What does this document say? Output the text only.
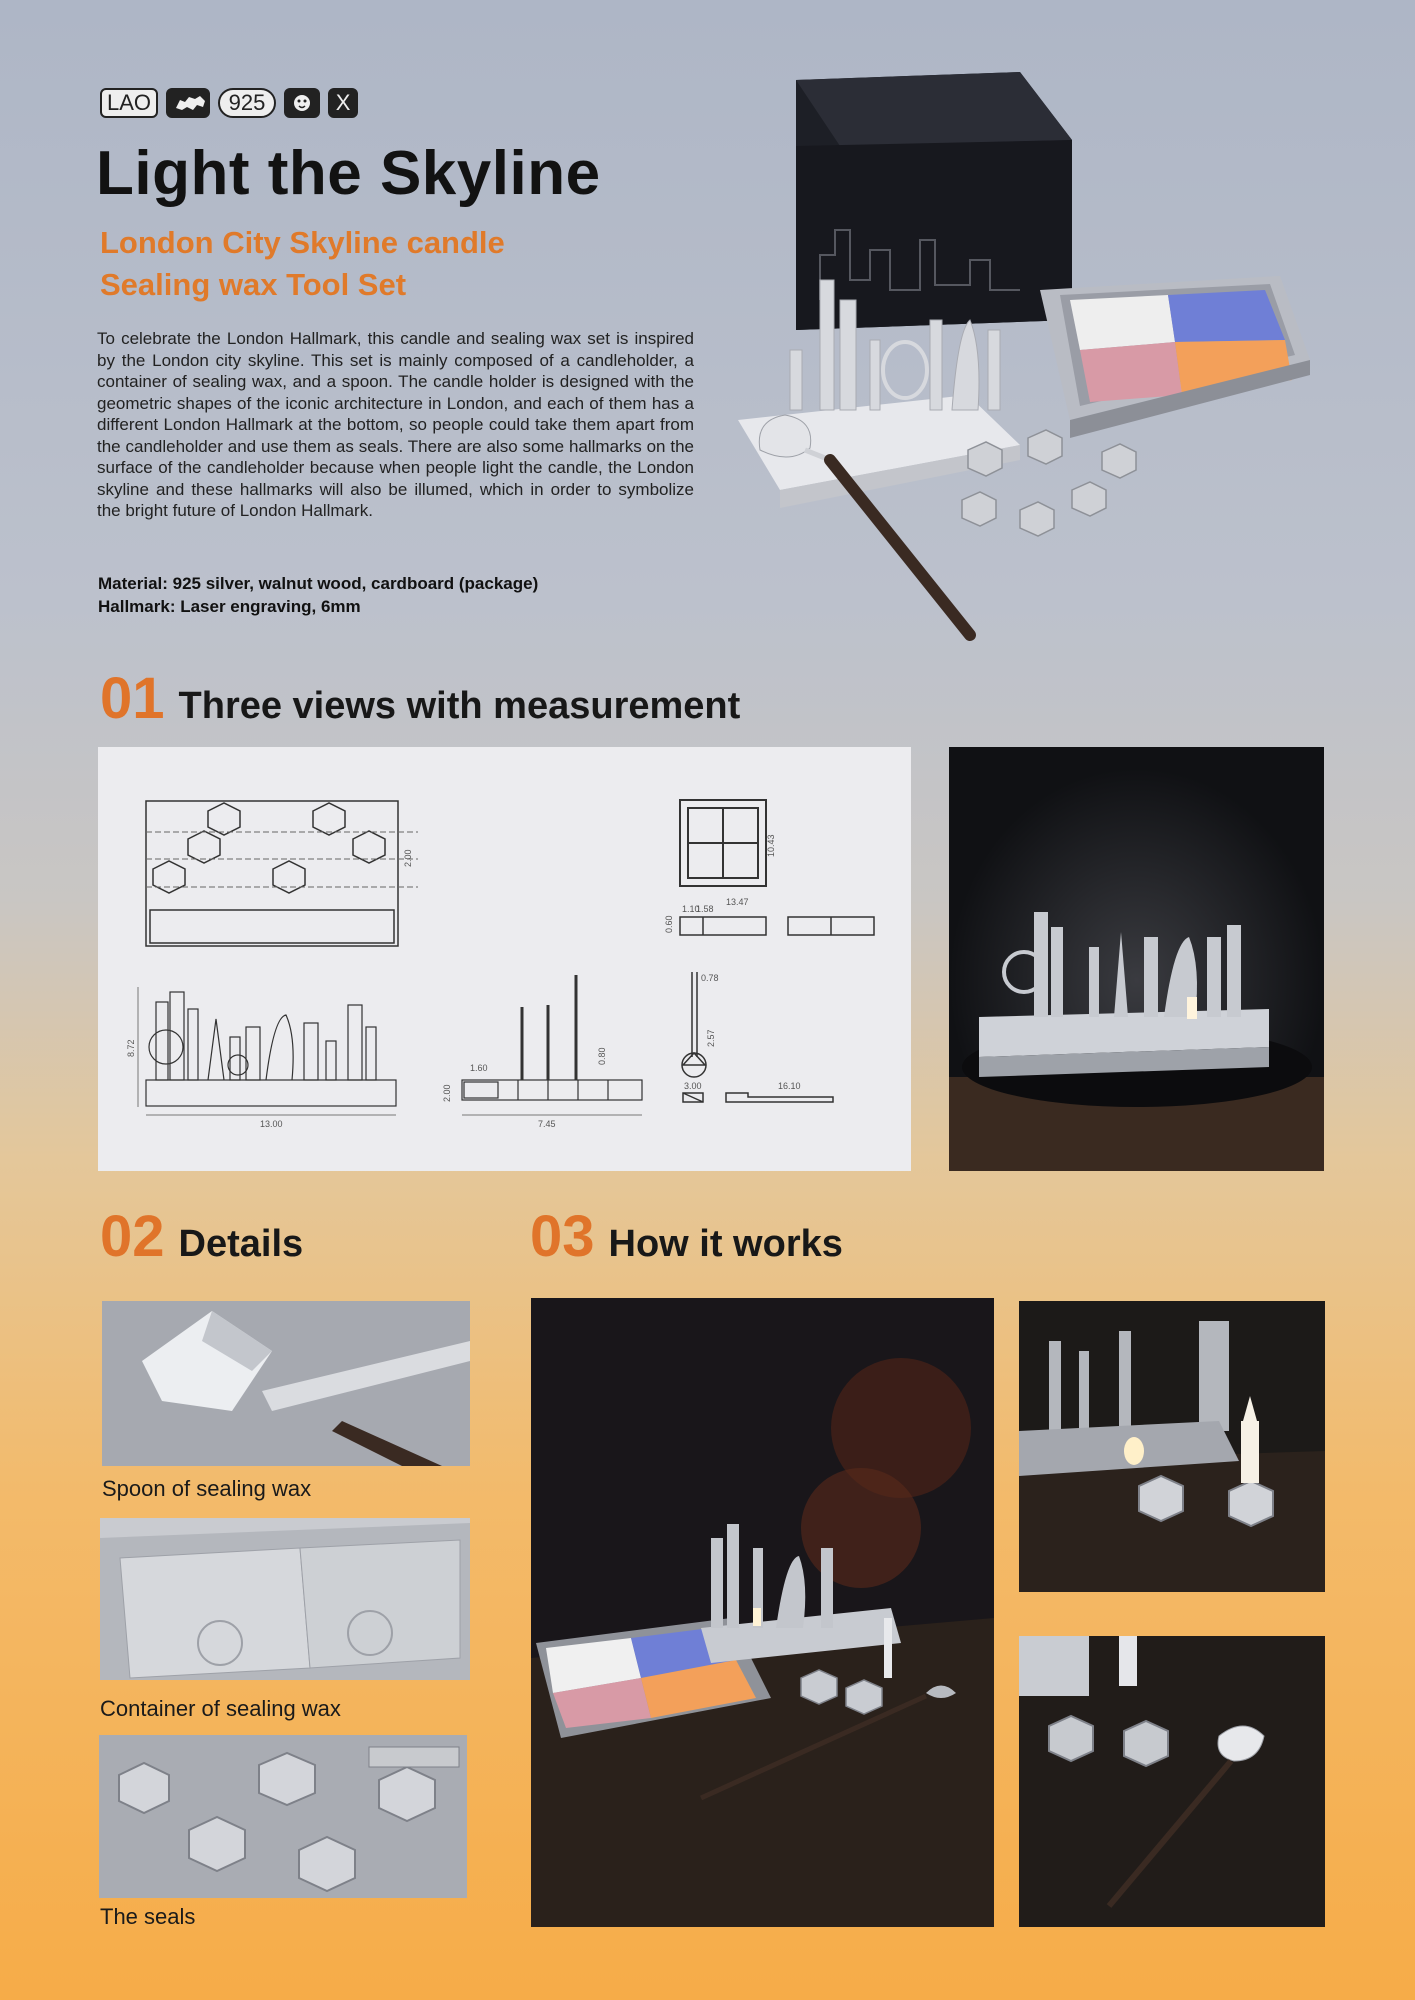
LAO	925	X
Light the Skyline
London City Skyline candle
Sealing wax Tool Set

To celebrate the London Hallmark, this candle and sealing wax set is inspired by the London city skyline. This set is mainly composed of a candleholder, a container of sealing wax, and a spoon. The candle holder is designed with the geometric shapes of the iconic architecture in London, and each of them has a different London Hallmark at the bottom, so people could take them apart from the candleholder and use them as seals. There are also some hallmarks on the surface of the candleholder because when people light the candle, the London skyline and these hallmarks will also be illumed, which in order to symbolize the bright future of London Hallmark.

Material: 925 silver, walnut wood, cardboard (package)

Hallmark: Laser engraving, 6mm

01 Three views with measurement
2.00
8.72
13.00
1.60
2.00
7.45
0.80
10.43
13.47
1.58
1.10
0.60
0.78
2.57
16.10
3.00
02 Details	03 How it works

Spoon of sealing wax

Container of sealing wax

The seals
